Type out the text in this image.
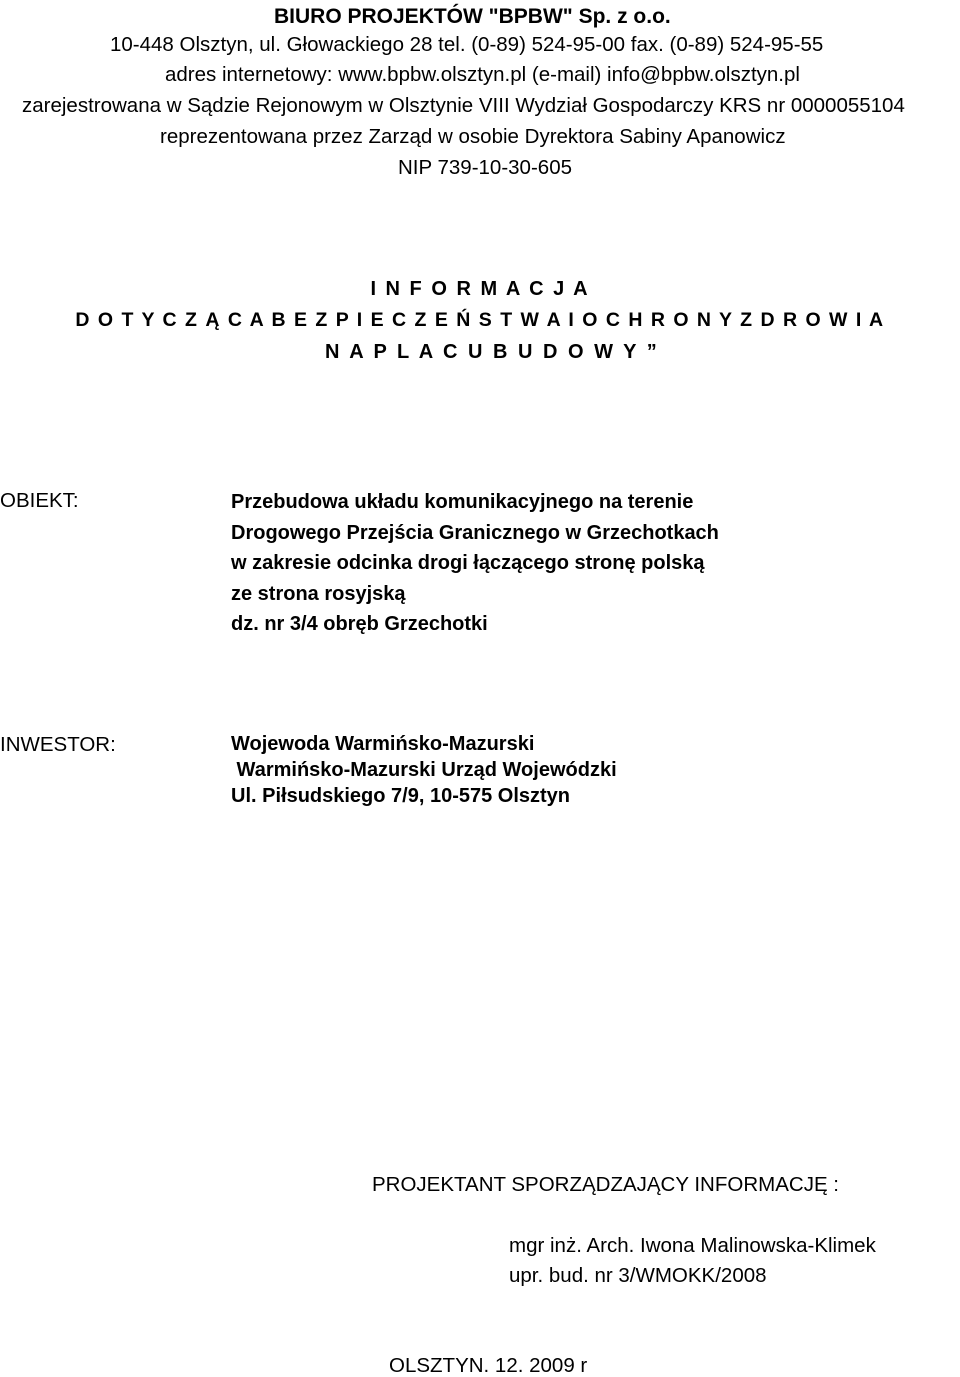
BIURO PROJEKTÓW "BPBW" Sp. z o.o.
10-448 Olsztyn, ul. Głowackiego 28 tel. (0-89) 524-95-00 fax. (0-89) 524-95-55
adres internetowy: www.bpbw.olsztyn.pl (e-mail) info@bpbw.olsztyn.pl
zarejestrowana w Sądzie Rejonowym w Olsztynie VIII Wydział Gospodarczy KRS nr 0000055104
reprezentowana przez Zarząd w osobie Dyrektora Sabiny Apanowicz
NIP 739-10-30-605
I N F O R M A C J A
D O T Y C Z Ą C A B E Z P I E C Z E Ń S T W A I O C H R O N Y Z D R O W I A
N A P L A C U B U D O W Y ”
OBIEKT:	Przebudowa układu komunikacyjnego na terenie
Drogowego Przejścia Granicznego w Grzechotkach
w zakresie odcinka drogi łączącego stronę polską
ze strona rosyjską
dz. nr 3/4 obręb Grzechotki
INWESTOR:	Wojewoda Warmińsko-Mazurski
Warmińsko-Mazurski Urząd Wojewódzki
Ul. Piłsudskiego 7/9, 10-575 Olsztyn
PROJEKTANT SPORZĄDZAJĄCY INFORMACJĘ :
mgr inż. Arch. Iwona Malinowska-Klimek
upr. bud. nr 3/WMOKK/2008
OLSZTYN. 12. 2009 r
